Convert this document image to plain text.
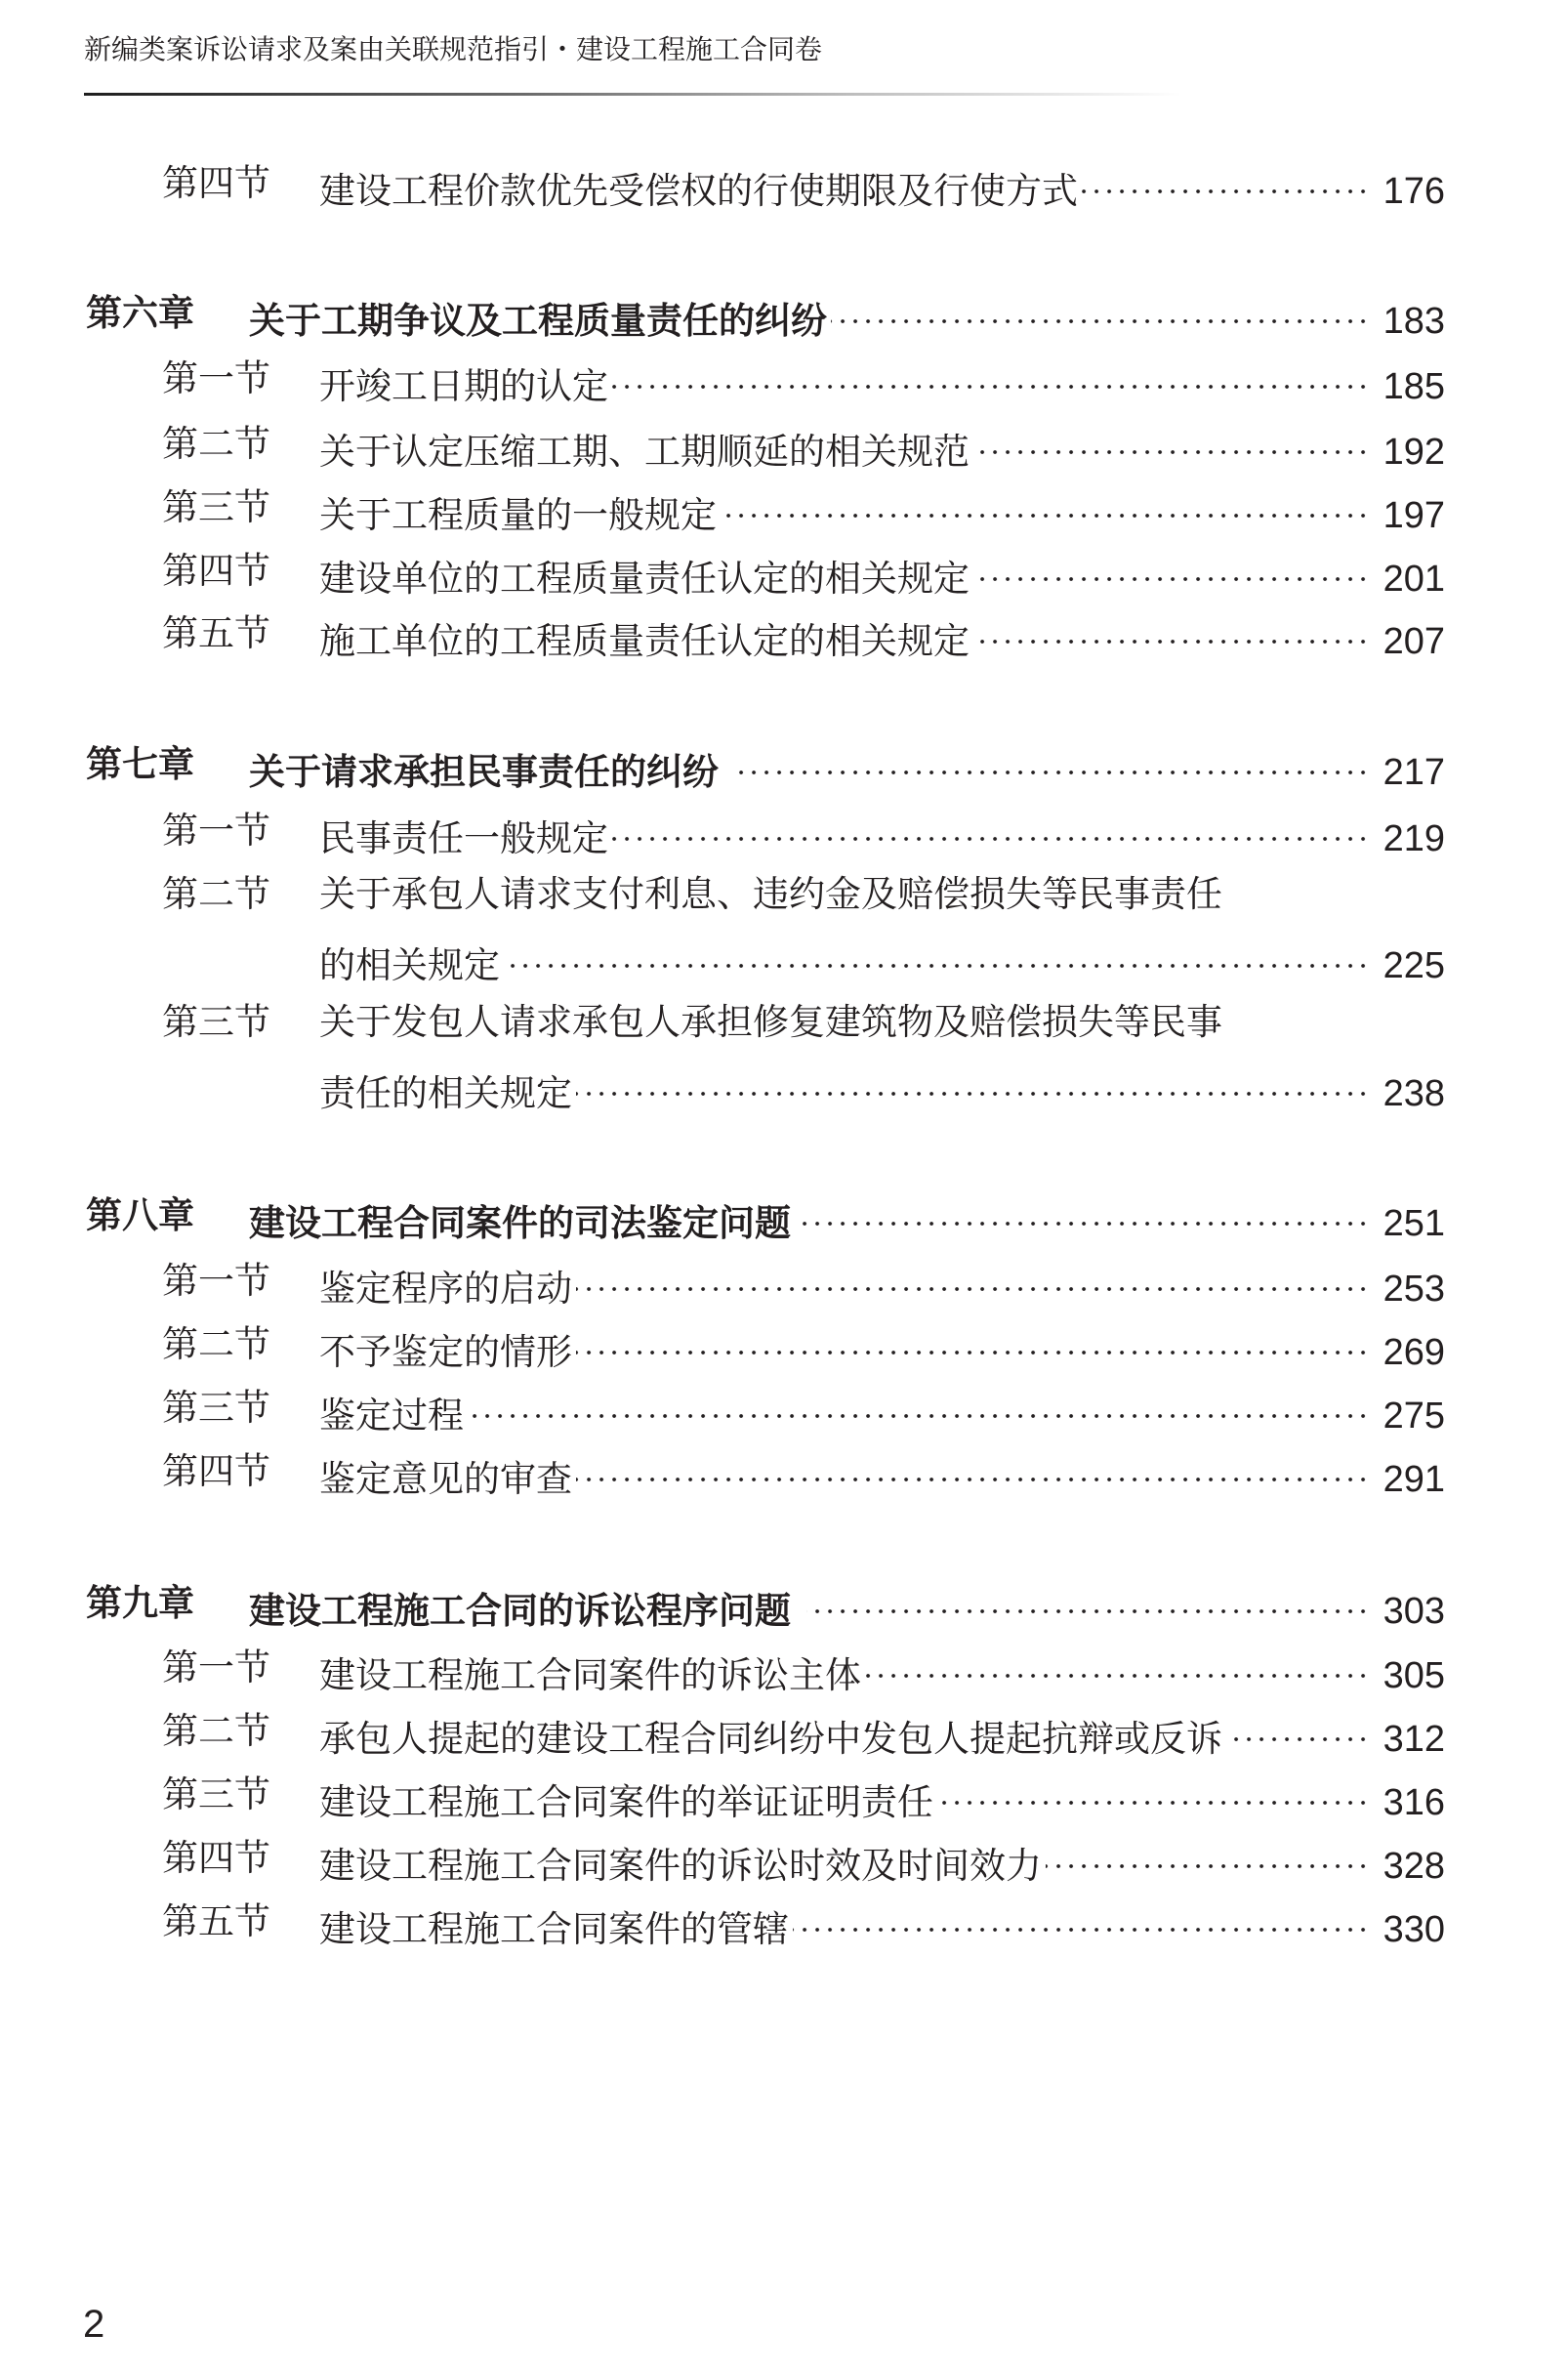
新编类案诉讼请求及案由关联规范指引・建设工程施工合同卷
第四节 建设工程价款优先受偿权的行使期限及行使方式	176
第六章 关于工期争议及工程质量责任的纠纷	183
第一节 开竣工日期的认定	185
第二节 关于认定压缩工期、工期顺延的相关规范	192
第三节 关于工程质量的一般规定	197
第四节 建设单位的工程质量责任认定的相关规定	201
第五节 施工单位的工程质量责任认定的相关规定	207
第七章 关于请求承担民事责任的纠纷	217
第一节 民事责任一般规定	219
第二节 关于承包人请求支付利息、违约金及赔偿损失等民事责任
的相关规定	225
第三节 关于发包人请求承包人承担修复建筑物及赔偿损失等民事
责任的相关规定	238
第八章 建设工程合同案件的司法鉴定问题	251
第一节 鉴定程序的启动	253
第二节 不予鉴定的情形	269
第三节 鉴定过程	275
第四节 鉴定意见的审查	291
第九章 建设工程施工合同的诉讼程序问题	303
第一节 建设工程施工合同案件的诉讼主体	305
第二节 承包人提起的建设工程合同纠纷中发包人提起抗辩或反诉	312
第三节 建设工程施工合同案件的举证证明责任	316
第四节 建设工程施工合同案件的诉讼时效及时间效力	328
第五节 建设工程施工合同案件的管辖	330
2
